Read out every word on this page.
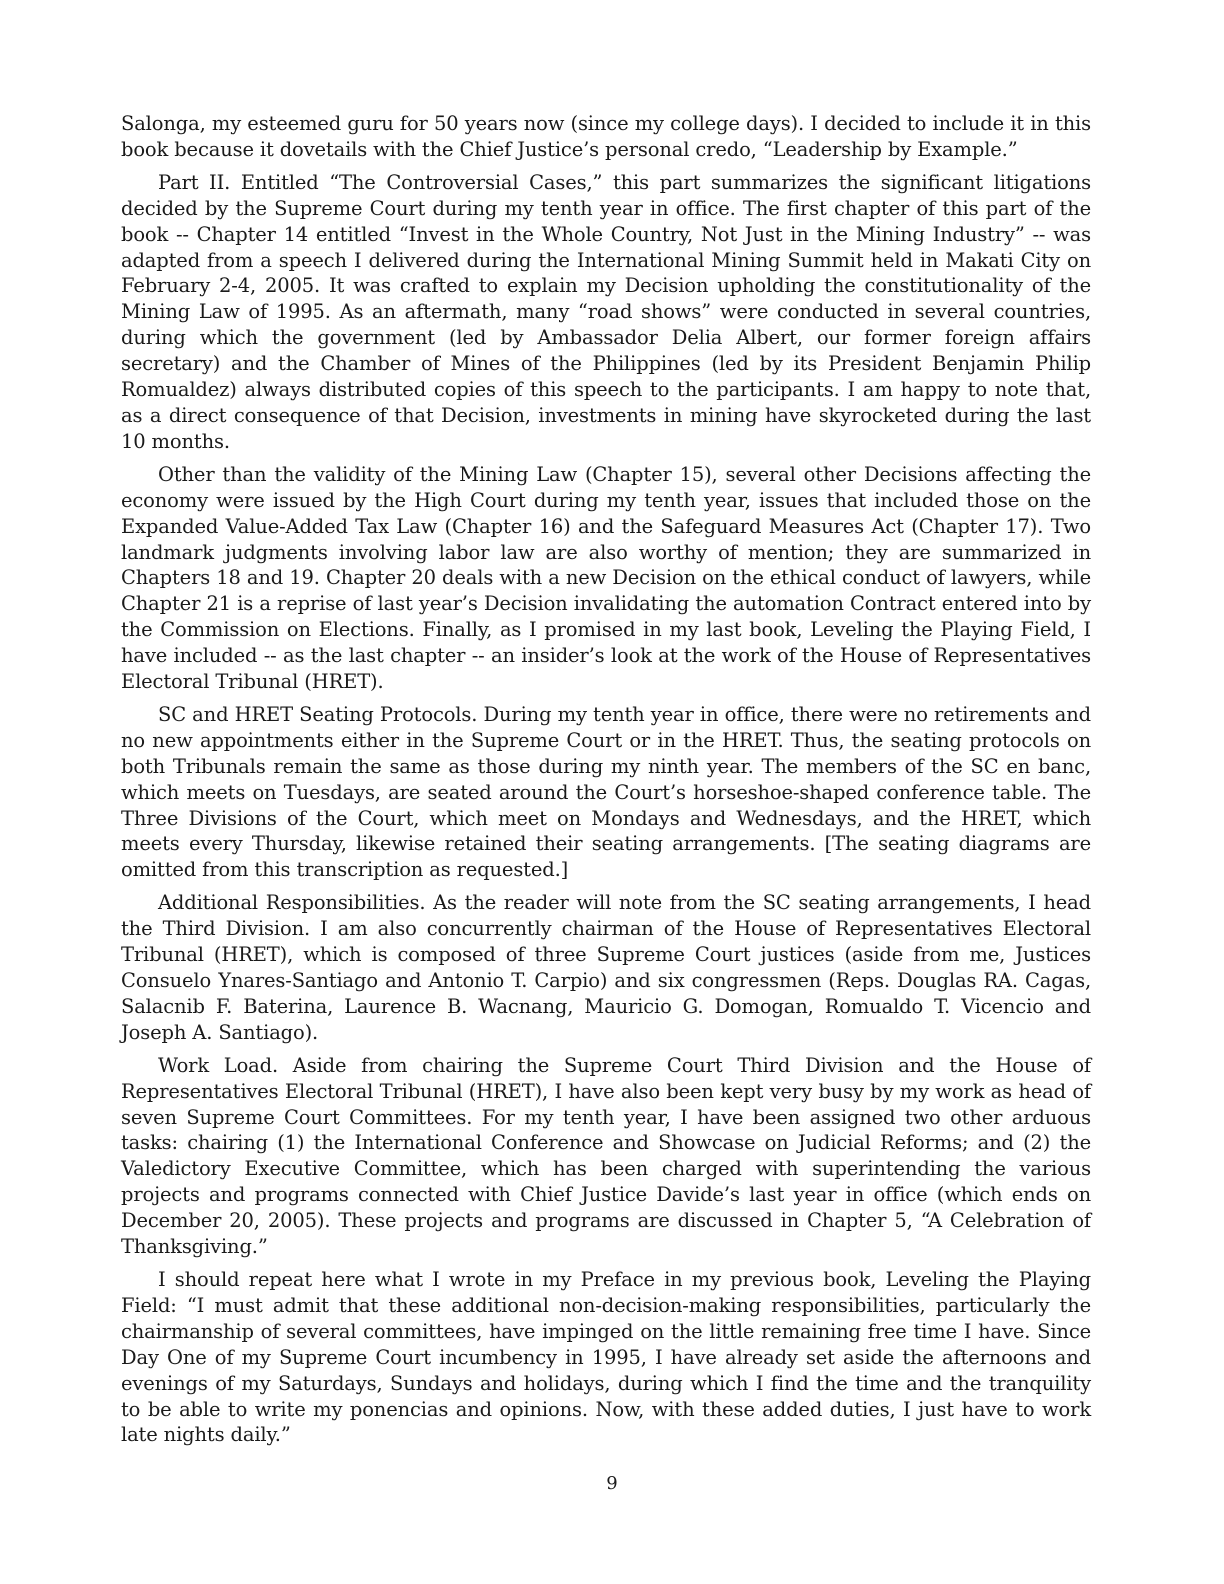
Salonga, my esteemed guru for 50 years now (since my college days). I decided to include it in this book because it dovetails with the Chief Justice’s personal credo, “Leadership by Example.”

Part II. Entitled “The Controversial Cases,” this part summarizes the significant litigations decided by the Supreme Court during my tenth year in office. The first chapter of this part of the book -- Chapter 14 entitled “Invest in the Whole Country, Not Just in the Mining Industry” -- was adapted from a speech I delivered during the International Mining Summit held in Makati City on February 2-4, 2005. It was crafted to explain my Decision upholding the constitutionality of the Mining Law of 1995. As an aftermath, many “road shows” were conducted in several countries, during which the government (led by Ambassador Delia Albert, our former foreign affairs secretary) and the Chamber of Mines of the Philippines (led by its President Benjamin Philip Romualdez) always distributed copies of this speech to the participants. I am happy to note that, as a direct consequence of that Decision, investments in mining have skyrocketed during the last 10 months.

Other than the validity of the Mining Law (Chapter 15), several other Decisions affecting the economy were issued by the High Court during my tenth year, issues that included those on the Expanded Value-Added Tax Law (Chapter 16) and the Safeguard Measures Act (Chapter 17). Two landmark judgments involving labor law are also worthy of mention; they are summarized in Chapters 18 and 19. Chapter 20 deals with a new Decision on the ethical conduct of lawyers, while Chapter 21 is a reprise of last year’s Decision invalidating the automation Contract entered into by the Commission on Elections. Finally, as I promised in my last book, Leveling the Playing Field, I have included -- as the last chapter -- an insider’s look at the work of the House of Representatives Electoral Tribunal (HRET).

SC and HRET Seating Protocols. During my tenth year in office, there were no retirements and no new appointments either in the Supreme Court or in the HRET. Thus, the seating protocols on both Tribunals remain the same as those during my ninth year. The members of the SC en banc, which meets on Tuesdays, are seated around the Court’s horseshoe-shaped conference table. The Three Divisions of the Court, which meet on Mondays and Wednesdays, and the HRET, which meets every Thursday, likewise retained their seating arrangements. [The seating diagrams are omitted from this transcription as requested.]

Additional Responsibilities. As the reader will note from the SC seating arrangements, I head the Third Division. I am also concurrently chairman of the House of Representatives Electoral Tribunal (HRET), which is composed of three Supreme Court justices (aside from me, Justices Consuelo Ynares-Santiago and Antonio T. Carpio) and six congressmen (Reps. Douglas RA. Cagas, Salacnib F. Baterina, Laurence B. Wacnang, Mauricio G. Domogan, Romualdo T. Vicencio and Joseph A. Santiago).

Work Load. Aside from chairing the Supreme Court Third Division and the House of Representatives Electoral Tribunal (HRET), I have also been kept very busy by my work as head of seven Supreme Court Committees. For my tenth year, I have been assigned two other arduous tasks: chairing (1) the International Conference and Showcase on Judicial Reforms; and (2) the Valedictory Executive Committee, which has been charged with superintending the various projects and programs connected with Chief Justice Davide’s last year in office (which ends on December 20, 2005). These projects and programs are discussed in Chapter 5, “A Celebration of Thanksgiving.”

I should repeat here what I wrote in my Preface in my previous book, Leveling the Playing Field: “I must admit that these additional non-decision-making responsibilities, particularly the chairmanship of several committees, have impinged on the little remaining free time I have. Since Day One of my Supreme Court incumbency in 1995, I have already set aside the afternoons and evenings of my Saturdays, Sundays and holidays, during which I find the time and the tranquility to be able to write my ponencias and opinions. Now, with these added duties, I just have to work late nights daily.”

9
